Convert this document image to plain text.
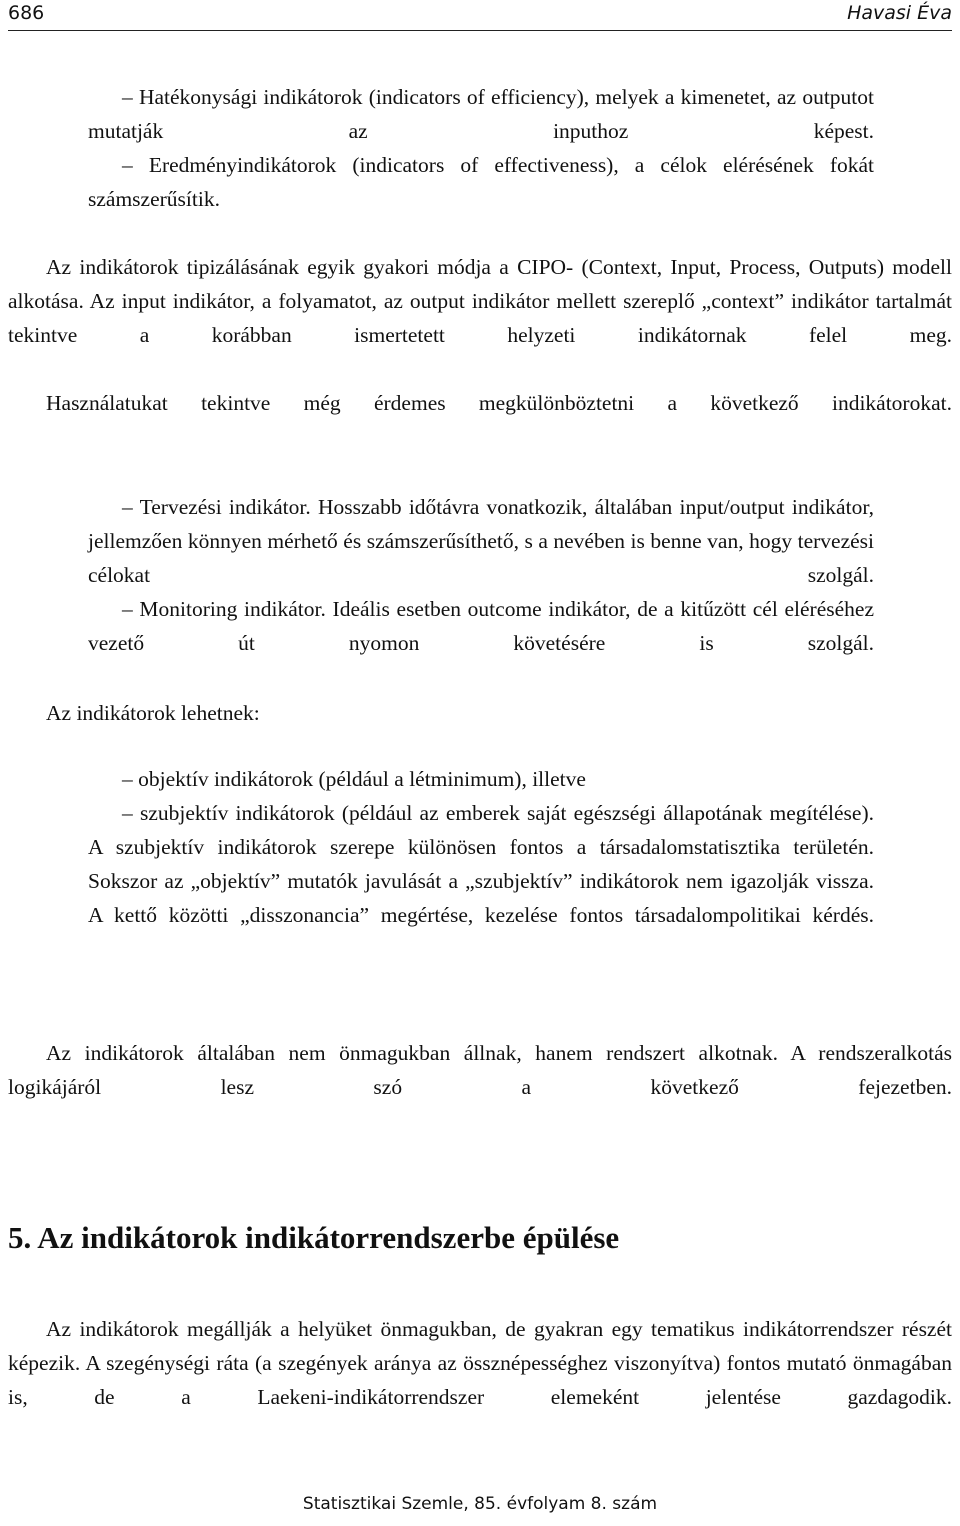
686	Havasi Éva

– Hatékonysági indikátorok (indicators of efficiency), melyek a kimenetet, az outputot mutatják az inputhoz képest.

– Eredményindikátorok (indicators of effectiveness), a célok elérésének fokát számszerűsítik.

Az indikátorok tipizálásának egyik gyakori módja a CIPO- (Context, Input, Process, Outputs) modell alkotása. Az input indikátor, a folyamatot, az output indikátor mellett szereplő „context” indikátor tartalmát tekintve a korábban ismertetett helyzeti indikátornak felel meg.

Használatukat tekintve még érdemes megkülönböztetni a következő indikátorokat.

– Tervezési indikátor. Hosszabb időtávra vonatkozik, általában input/output indikátor, jellemzően könnyen mérhető és számszerűsíthető, s a nevében is benne van, hogy tervezési célokat szolgál.

– Monitoring indikátor. Ideális esetben outcome indikátor, de a kitűzött cél eléréséhez vezető út nyomon követésére is szolgál.

Az indikátorok lehetnek:

– objektív indikátorok (például a létminimum), illetve

– szubjektív indikátorok (például az emberek saját egészségi állapotának megítélése). A szubjektív indikátorok szerepe különösen fontos a társadalomstatisztika területén. Sokszor az „objektív” mutatók javulását a „szubjektív” indikátorok nem igazolják vissza. A kettő közötti „disszonancia” megértése, kezelése fontos társadalompolitikai kérdés.

Az indikátorok általában nem önmagukban állnak, hanem rendszert alkotnak. A rendszeralkotás logikájáról lesz szó a következő fejezetben.

5. Az indikátorok indikátorrendszerbe épülése

Az indikátorok megállják a helyüket önmagukban, de gyakran egy tematikus indikátorrendszer részét képezik. A szegénységi ráta (a szegények aránya az össznépességhez viszonyítva) fontos mutató önmagában is, de a Laekeni-indikátorrendszer elemeként jelentése gazdagodik.

Statisztikai Szemle, 85. évfolyam 8. szám
